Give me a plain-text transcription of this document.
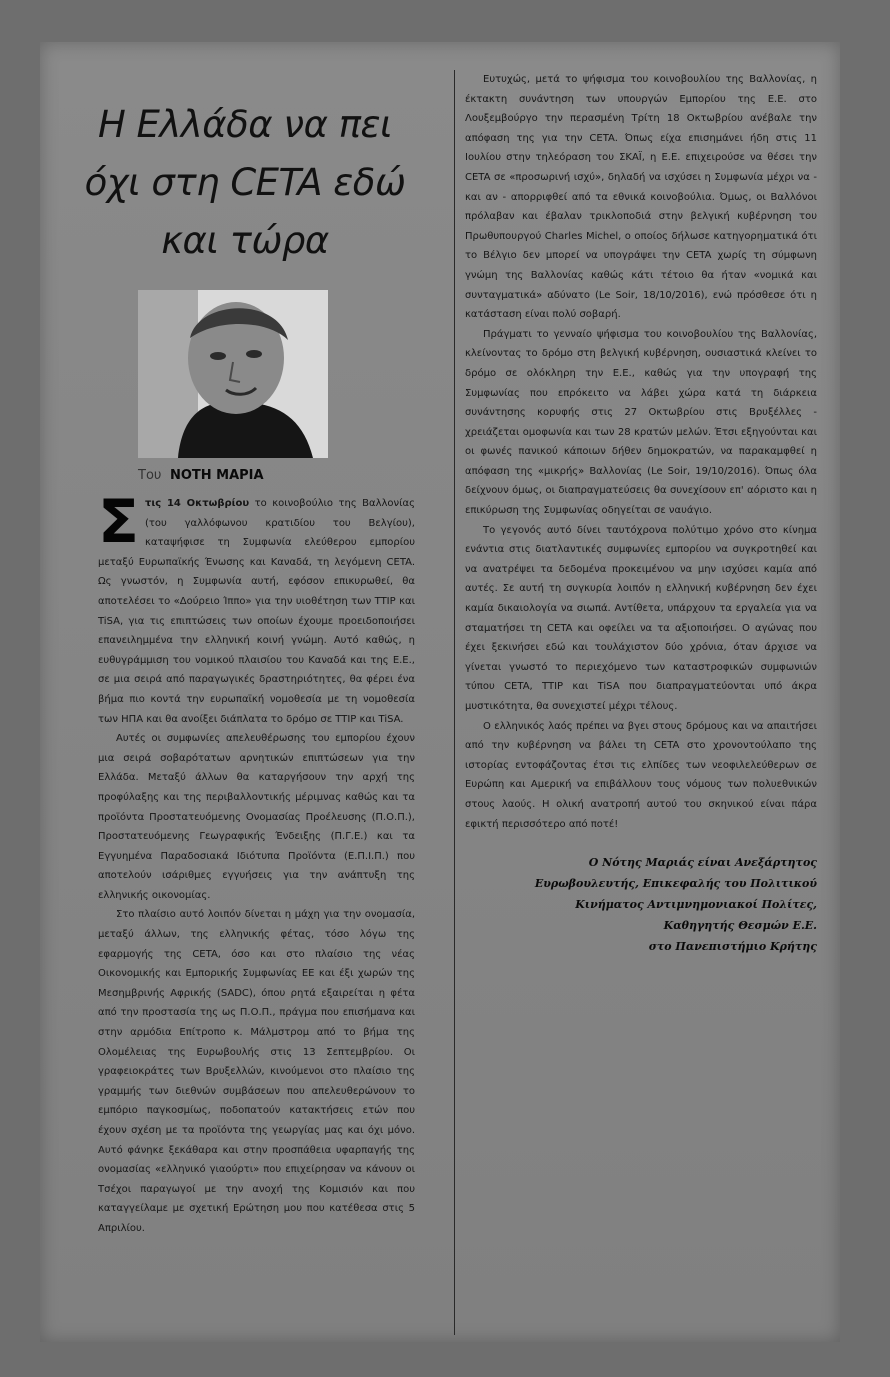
Η Ελλάδα να πει όχι στη CETA εδώ και τώρα
Του ΝΟΤΗ ΜΑΡΙΑ

Στις 14 Οκτωβρίου το κοινοβούλιο της Βαλλονίας (του γαλλόφωνου κρατιδίου του Βελγίου), καταψήφισε τη Συμφωνία ελεύθερου εμπορίου μεταξύ Ευρωπαϊκής Ένωσης και Καναδά, τη λεγόμενη CETA. Ως γνωστόν, η Συμφωνία αυτή, εφόσον επικυρωθεί, θα αποτελέσει το «Δούρειο Ίππο» για την υιοθέτηση των TTIP και TiSA, για τις επιπτώσεις των οποίων έχουμε προειδοποιήσει επανειλημμένα την ελληνική κοινή γνώμη. Αυτό καθώς, η ευθυγράμμιση του νομικού πλαισίου του Καναδά και της Ε.Ε., σε μια σειρά από παραγωγικές δραστηριότητες, θα φέρει ένα βήμα πιο κοντά την ευρωπαϊκή νομοθεσία με τη νομοθεσία των ΗΠΑ και θα ανοίξει διάπλατα το δρόμο σε TTIP και TiSA.

Αυτές οι συμφωνίες απελευθέρωσης του εμπορίου έχουν μια σειρά σοβαρότατων αρνητικών επιπτώσεων για την Ελλάδα. Μεταξύ άλλων θα καταργήσουν την αρχή της προφύλαξης και της περιβαλλοντικής μέριμνας καθώς και τα προϊόντα Προστατευόμενης Ονομασίας Προέλευσης (Π.Ο.Π.), Προστατευόμενης Γεωγραφικής Ένδειξης (Π.Γ.Ε.) και τα Εγγυημένα Παραδοσιακά Ιδιότυπα Προϊόντα (Ε.Π.Ι.Π.) που αποτελούν ισάριθμες εγγυήσεις για την ανάπτυξη της ελληνικής οικονομίας.

Στο πλαίσιο αυτό λοιπόν δίνεται η μάχη για την ονομασία, μεταξύ άλλων, της ελληνικής φέτας, τόσο λόγω της εφαρμογής της CETA, όσο και στο πλαίσιο της νέας Οικονομικής και Εμπορικής Συμφωνίας ΕΕ και έξι χωρών της Μεσημβρινής Αφρικής (SADC), όπου ρητά εξαιρείται η φέτα από την προστασία της ως Π.Ο.Π., πράγμα που επισήμανα και στην αρμόδια Επίτροπο κ. Μάλμστρομ από το βήμα της Ολομέλειας της Ευρωβουλής στις 13 Σεπτεμβρίου. Οι γραφειοκράτες των Βρυξελλών, κινούμενοι στο πλαίσιο της γραμμής των διεθνών συμβάσεων που απελευθερώνουν το εμπόριο παγκοσμίως, ποδοπατούν κατακτήσεις ετών που έχουν σχέση με τα προϊόντα της γεωργίας μας και όχι μόνο. Αυτό φάνηκε ξεκάθαρα και στην προσπάθεια υφαρπαγής της ονομασίας «ελληνικό γιαούρτι» που επιχείρησαν να κάνουν οι Τσέχοι παραγωγοί με την ανοχή της Κομισιόν και που καταγγείλαμε με σχετική Ερώτηση μου που κατέθεσα στις 5 Απριλίου.

Ευτυχώς, μετά το ψήφισμα του κοινοβουλίου της Βαλλονίας, η έκτακτη συνάντηση των υπουργών Εμπορίου της Ε.Ε. στο Λουξεμβούργο την περασμένη Τρίτη 18 Οκτωβρίου ανέβαλε την απόφαση της για την CETA. Όπως είχα επισημάνει ήδη στις 11 Ιουλίου στην τηλεόραση του ΣΚΑΪ, η Ε.Ε. επιχειρούσε να θέσει την CETA σε «προσωρινή ισχύ», δηλαδή να ισχύσει η Συμφωνία μέχρι να - και αν - απορριφθεί από τα εθνικά κοινοβούλια. Όμως, οι Βαλλόνοι πρόλαβαν και έβαλαν τρικλοποδιά στην βελγική κυβέρνηση του Πρωθυπουργού Charles Michel, ο οποίος δήλωσε κατηγορηματικά ότι το Βέλγιο δεν μπορεί να υπογράψει την CETA χωρίς τη σύμφωνη γνώμη της Βαλλονίας καθώς κάτι τέτοιο θα ήταν «νομικά και συνταγματικά» αδύνατο (Le Soir, 18/10/2016), ενώ πρόσθεσε ότι η κατάσταση είναι πολύ σοβαρή.

Πράγματι το γενναίο ψήφισμα του κοινοβουλίου της Βαλλονίας, κλείνοντας το δρόμο στη βελγική κυβέρνηση, ουσιαστικά κλείνει το δρόμο σε ολόκληρη την Ε.Ε., καθώς για την υπογραφή της Συμφωνίας που επρόκειτο να λάβει χώρα κατά τη διάρκεια συνάντησης κορυφής στις 27 Οκτωβρίου στις Βρυξέλλες - χρειάζεται ομοφωνία και των 28 κρατών μελών. Έτσι εξηγούνται και οι φωνές πανικού κάποιων δήθεν δημοκρατών, να παρακαμφθεί η απόφαση της «μικρής» Βαλλονίας (Le Soir, 19/10/2016). Όπως όλα δείχνουν όμως, οι διαπραγματεύσεις θα συνεχίσουν επ' αόριστο και η επικύρωση της Συμφωνίας οδηγείται σε ναυάγιο.

Το γεγονός αυτό δίνει ταυτόχρονα πολύτιμο χρόνο στο κίνημα ενάντια στις διατλαντικές συμφωνίες εμπορίου να συγκροτηθεί και να ανατρέψει τα δεδομένα προκειμένου να μην ισχύσει καμία από αυτές. Σε αυτή τη συγκυρία λοιπόν η ελληνική κυβέρνηση δεν έχει καμία δικαιολογία να σιωπά. Αντίθετα, υπάρχουν τα εργαλεία για να σταματήσει τη CETA και οφείλει να τα αξιοποιήσει. Ο αγώνας που έχει ξεκινήσει εδώ και τουλάχιστον δύο χρόνια, όταν άρχισε να γίνεται γνωστό το περιεχόμενο των καταστροφικών συμφωνιών τύπου CETA, TTIP και TiSA που διαπραγματεύονται υπό άκρα μυστικότητα, θα συνεχιστεί μέχρι τέλους.

Ο ελληνικός λαός πρέπει να βγει στους δρόμους και να απαιτήσει από την κυβέρνηση να βάλει τη CETA στο χρονοντούλαπο της ιστορίας εντοφάζοντας έτσι τις ελπίδες των νεοφιλελεύθερων σε Ευρώπη και Αμερική να επιβάλλουν τους νόμους των πολυεθνικών στους λαούς. Η ολική ανατροπή αυτού του σκηνικού είναι πάρα εφικτή περισσότερο από ποτέ!

Ο Νότης Μαριάς είναι Ανεξάρτητος
Ευρωβουλευτής, Επικεφαλής του Πολιτικού
Κινήματος Αντιμνημονιακοί Πολίτες,
Καθηγητής Θεσμών Ε.Ε.
στο Πανεπιστήμιο Κρήτης
